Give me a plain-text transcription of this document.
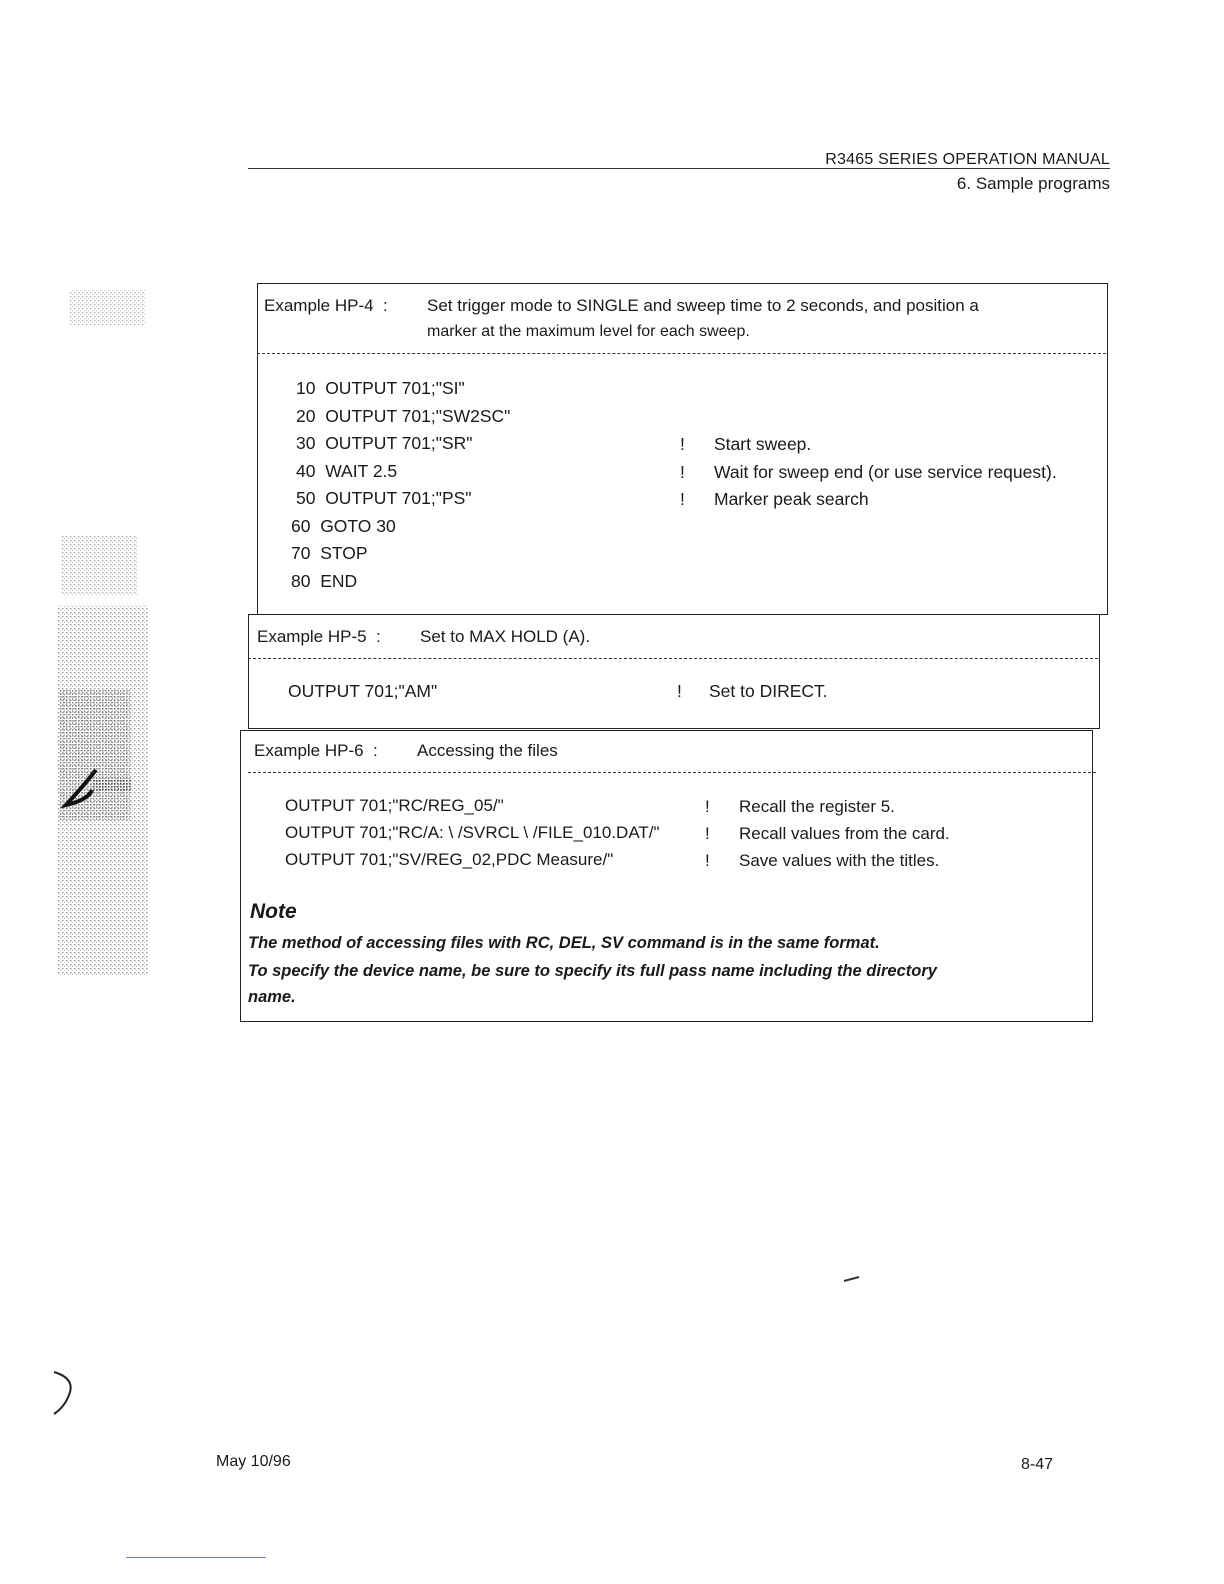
R3465 SERIES OPERATION MANUAL
6. Sample programs
Example HP-4  : Set trigger mode to SINGLE and sweep time to 2 seconds, and position a
marker at the maximum level for each sweep.
10  OUTPUT 701;"SI"
20  OUTPUT 701;"SW2SC"
30  OUTPUT 701;"SR"
40  WAIT 2.5
50  OUTPUT 701;"PS"
60  GOTO 30
70  STOP
80  END
! Start sweep.
! Wait for sweep end (or use service request).
! Marker peak search
Example HP-5  : Set to MAX HOLD (A).
OUTPUT 701;"AM"	! Set to DIRECT.
Example HP-6  : Accessing the files
OUTPUT 701;"RC/REG_05/"
OUTPUT 701;"RC/A: \ /SVRCL \ /FILE_010.DAT/"
OUTPUT 701;"SV/REG_02,PDC Measure/"
! Recall the register 5.
! Recall values from the card.
! Save values with the titles.
Note
The method of accessing files with RC, DEL, SV command is in the same format.
To specify the device name, be sure to specify its full pass name including the directory
name.
May 10/96	8-47
